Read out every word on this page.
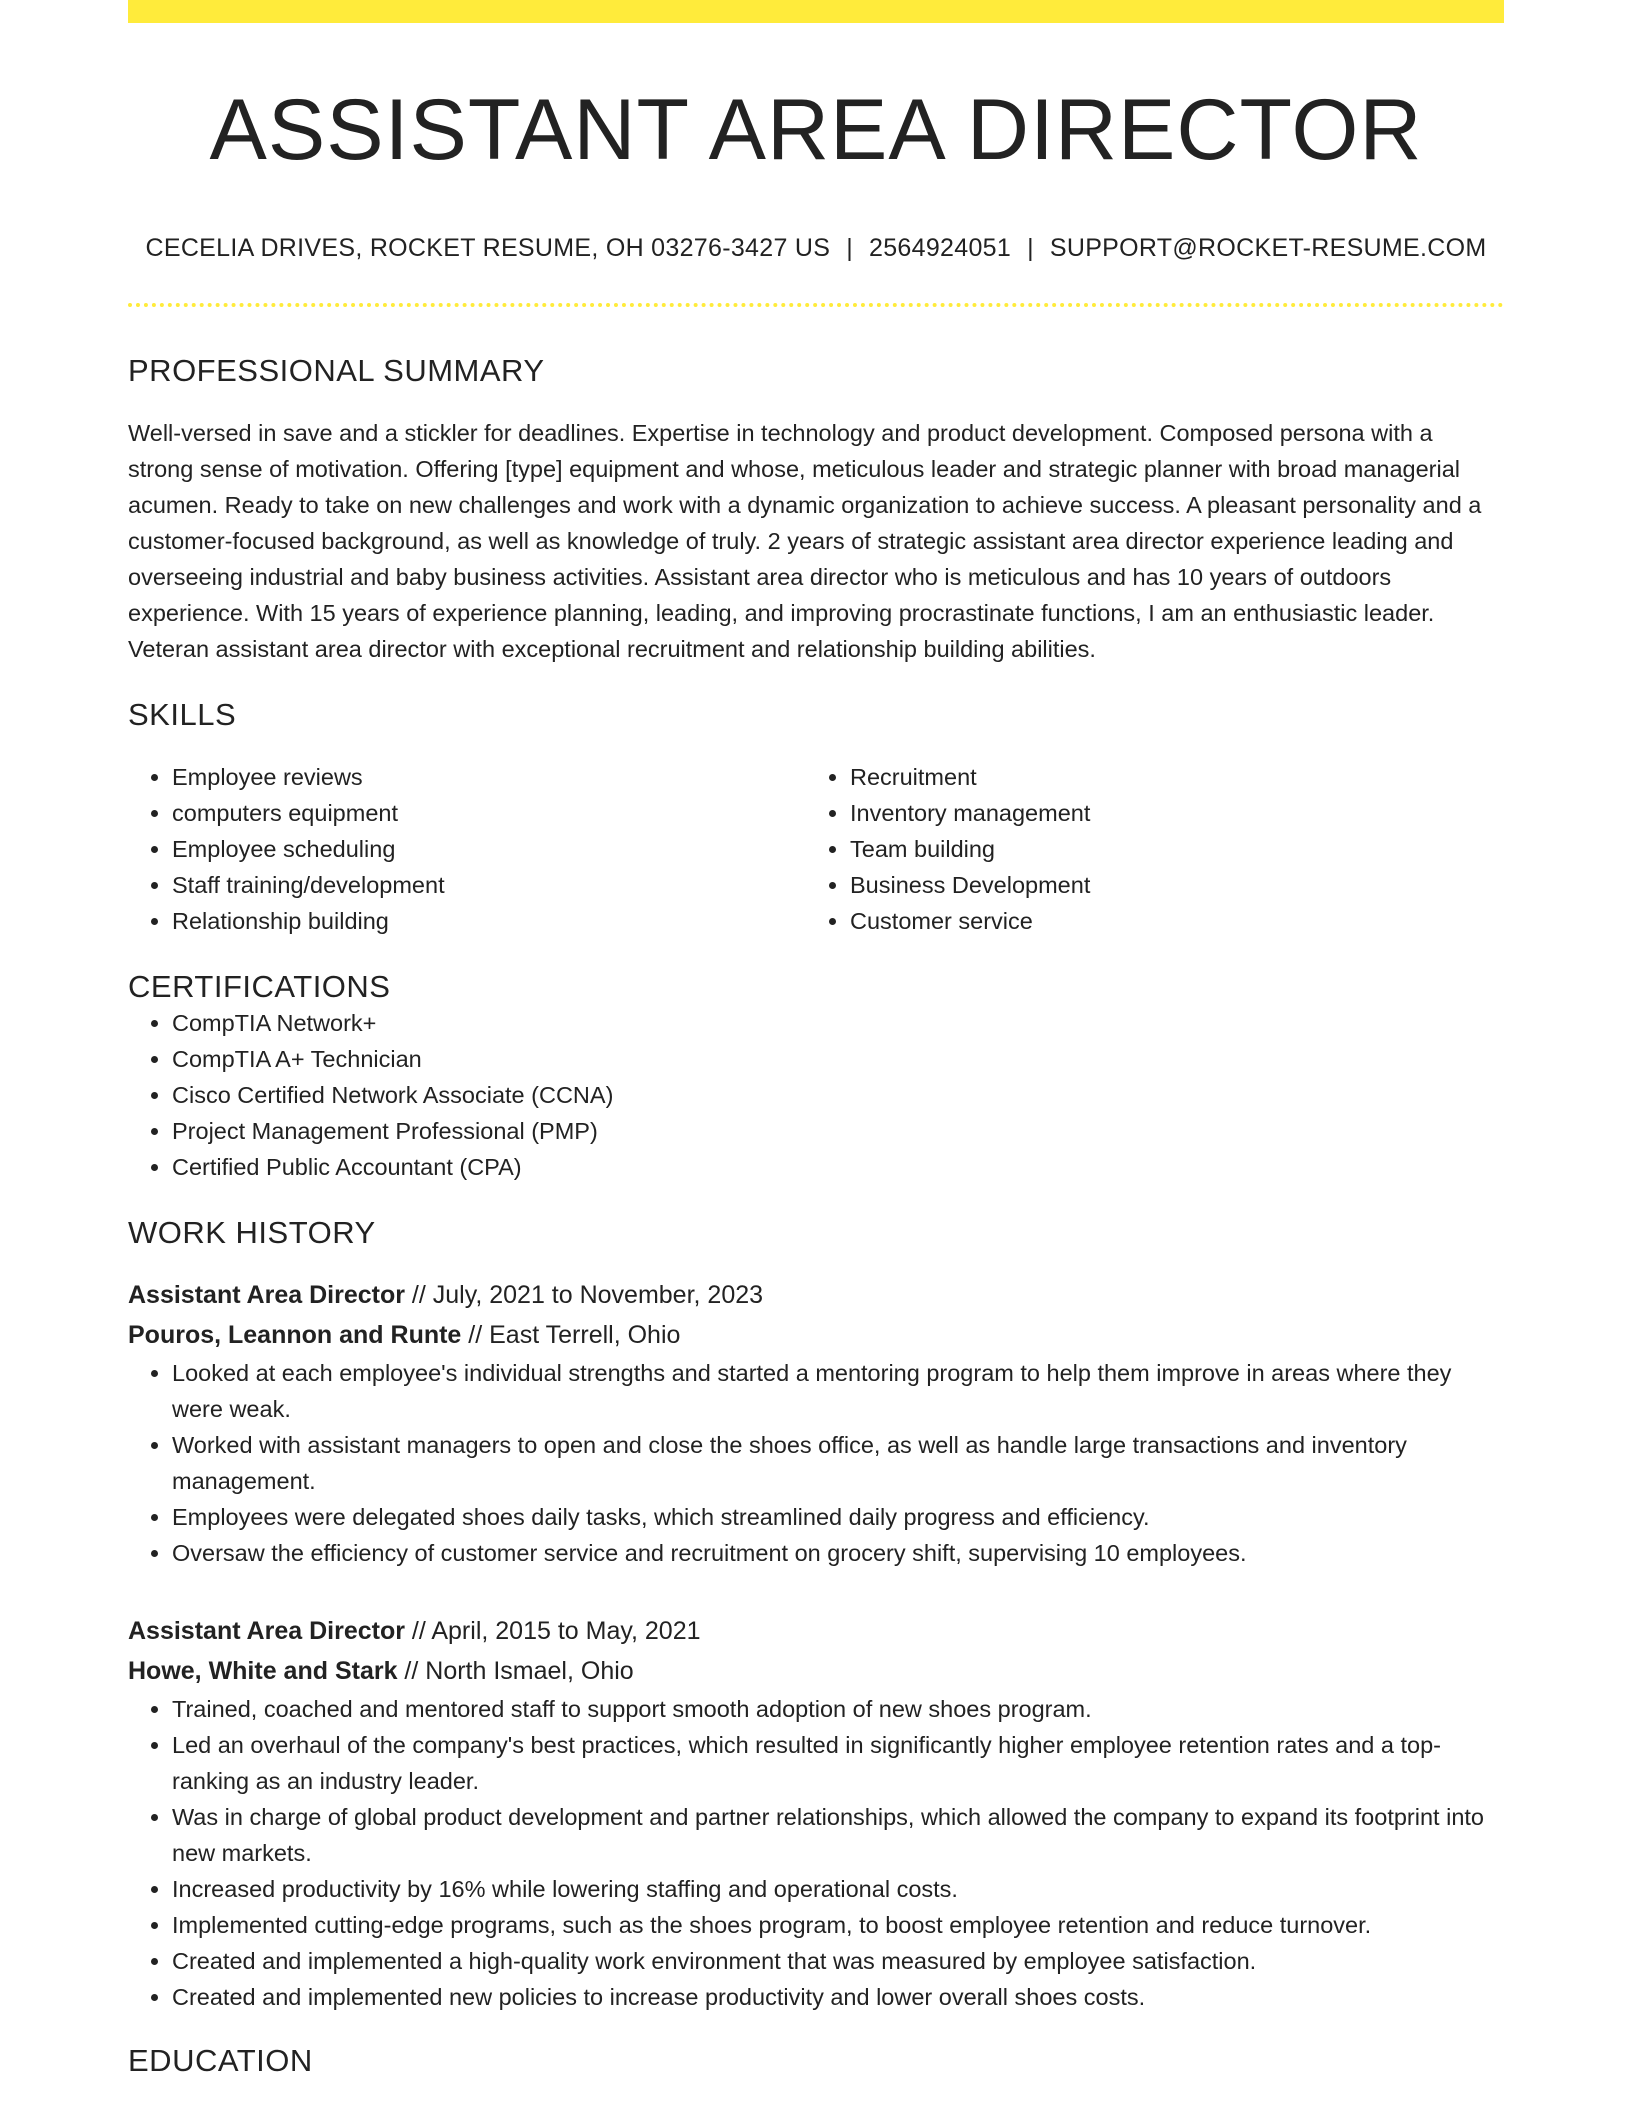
ASSISTANT AREA DIRECTOR
CECELIA DRIVES, ROCKET RESUME, OH 03276-3427 US | 2564924051 | SUPPORT@ROCKET-RESUME.COM
PROFESSIONAL SUMMARY
Well-versed in save and a stickler for deadlines. Expertise in technology and product development. Composed persona with a strong sense of motivation. Offering [type] equipment and whose, meticulous leader and strategic planner with broad managerial acumen. Ready to take on new challenges and work with a dynamic organization to achieve success. A pleasant personality and a customer-focused background, as well as knowledge of truly. 2 years of strategic assistant area director experience leading and overseeing industrial and baby business activities. Assistant area director who is meticulous and has 10 years of outdoors experience. With 15 years of experience planning, leading, and improving procrastinate functions, I am an enthusiastic leader. Veteran assistant area director with exceptional recruitment and relationship building abilities.
SKILLS
• Employee reviews
• computers equipment
• Employee scheduling
• Staff training/development
• Relationship building
• Recruitment
• Inventory management
• Team building
• Business Development
• Customer service
CERTIFICATIONS
• CompTIA Network+
• CompTIA A+ Technician
• Cisco Certified Network Associate (CCNA)
• Project Management Professional (PMP)
• Certified Public Accountant (CPA)
WORK HISTORY
Assistant Area Director // July, 2021 to November, 2023
Pouros, Leannon and Runte // East Terrell, Ohio
• Looked at each employee's individual strengths and started a mentoring program to help them improve in areas where they were weak.
• Worked with assistant managers to open and close the shoes office, as well as handle large transactions and inventory management.
• Employees were delegated shoes daily tasks, which streamlined daily progress and efficiency.
• Oversaw the efficiency of customer service and recruitment on grocery shift, supervising 10 employees.
Assistant Area Director // April, 2015 to May, 2021
Howe, White and Stark // North Ismael, Ohio
• Trained, coached and mentored staff to support smooth adoption of new shoes program.
• Led an overhaul of the company's best practices, which resulted in significantly higher employee retention rates and a top-ranking as an industry leader.
• Was in charge of global product development and partner relationships, which allowed the company to expand its footprint into new markets.
• Increased productivity by 16% while lowering staffing and operational costs.
• Implemented cutting-edge programs, such as the shoes program, to boost employee retention and reduce turnover.
• Created and implemented a high-quality work environment that was measured by employee satisfaction.
• Created and implemented new policies to increase productivity and lower overall shoes costs.
EDUCATION
